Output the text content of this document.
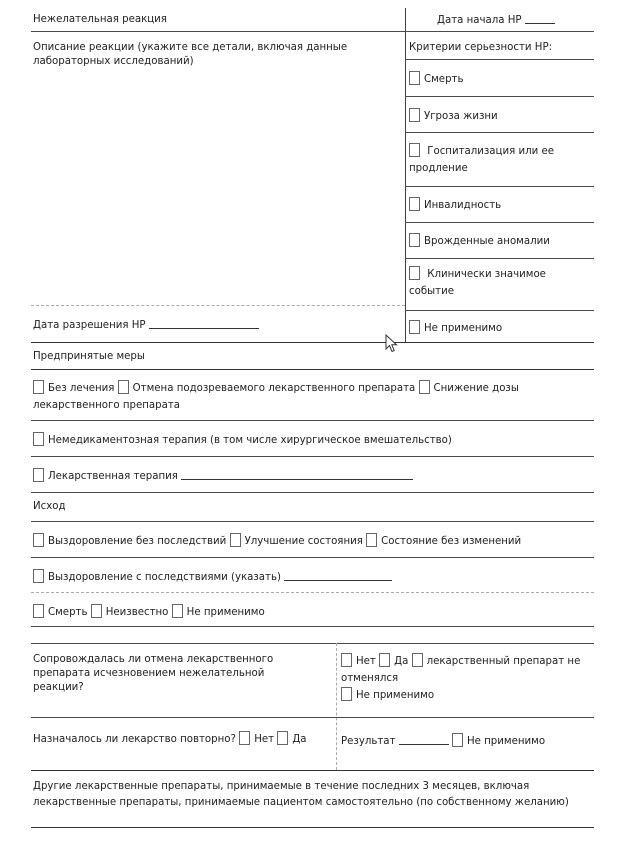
Нежелательная реакция	Дата начала НР
Описание реакции (укажите все детали, включая данные лабораторных исследований)
Критерии серьезности НР:
Смерть
Угроза жизни
Госпитализация или ее продление
Инвалидность
Врожденные аномалии
Клинически значимое событие
Дата разрешения НР	Не применимо
Предпринятые меры
Без лечения Отмена подозреваемого лекарственного препарата Снижение дозы лекарственного препарата
Немедикаментозная терапия (в том числе хирургическое вмешательство)
Лекарственная терапия
Исход
Выздоровление без последствий Улучшение состояния Состояние без изменений
Выздоровление с последствиями (указать)
Смерть Неизвестно Не применимо
Сопровождалась ли отмена лекарственного препарата исчезновением нежелательной реакции?
Нет Да лекарственный препарат не отменялся
Не применимо
Назначалось ли лекарство повторно? Нет Да	Результат	Не применимо
Другие лекарственные препараты, принимаемые в течение последних 3 месяцев, включая лекарственные препараты, принимаемые пациентом самостоятельно (по собственному желанию)
